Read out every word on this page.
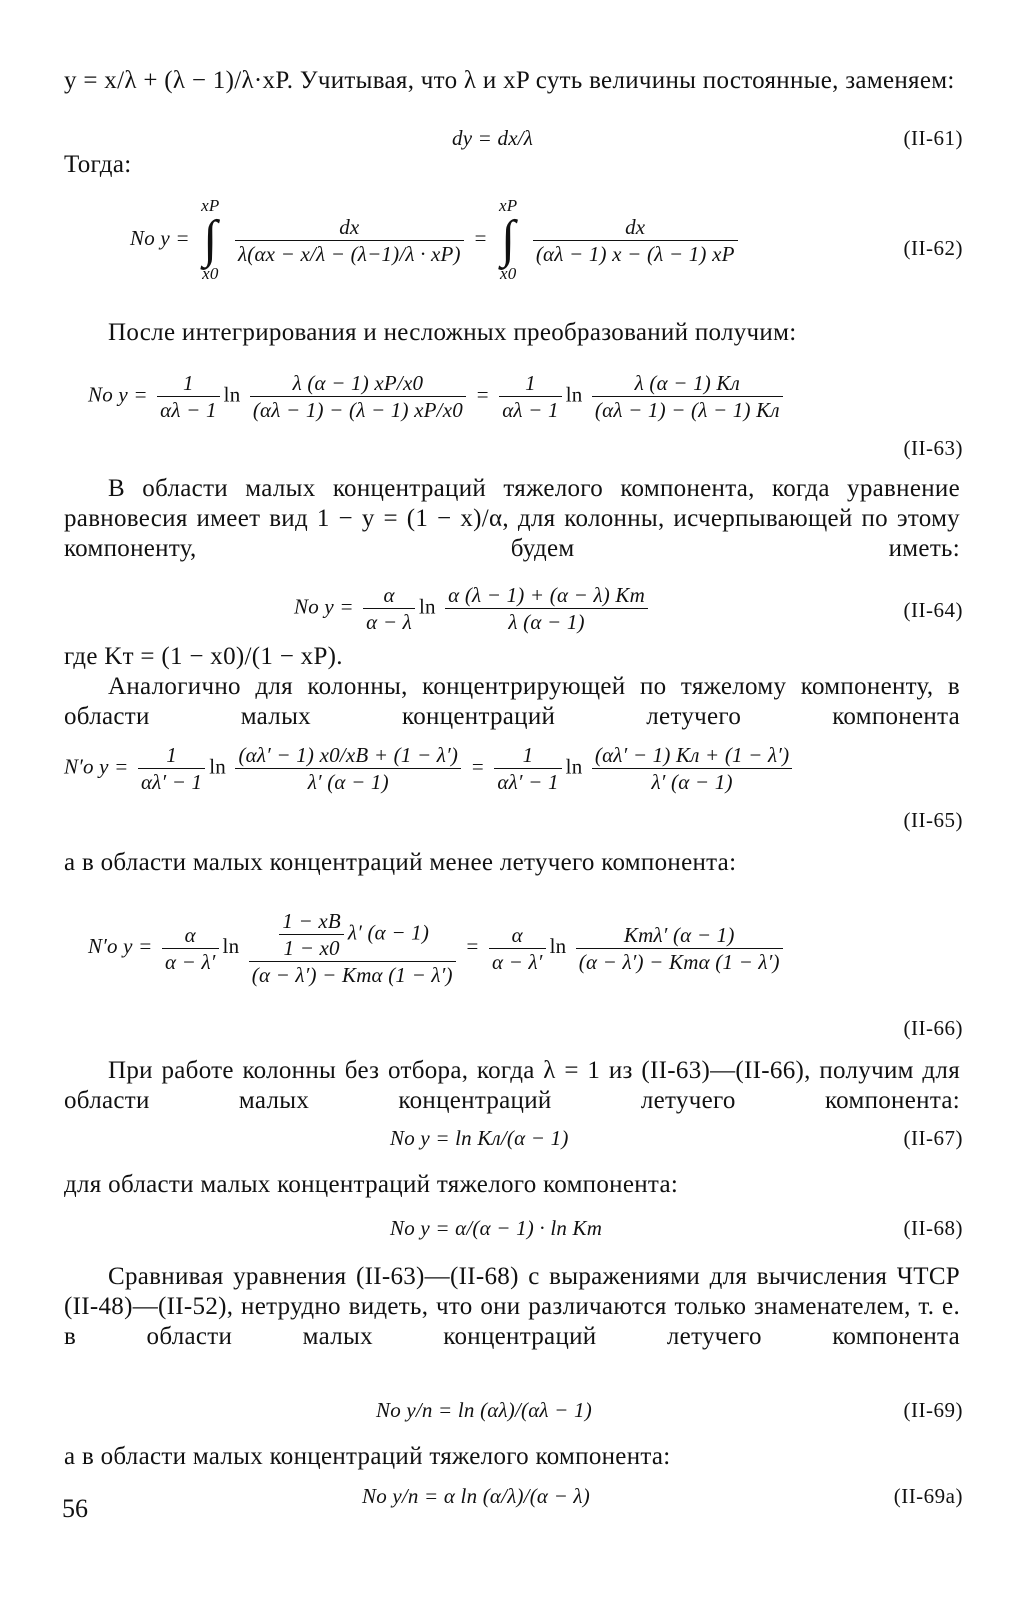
y = x/λ + (λ − 1)/λ·xP. Учитывая, что λ и xP суть величины постоянные, заменяем:
dy = dx/λ	(II-61)
Тогда:
No y =
xP
∫
x0

$\frac{dx}{\lambda(\alpha x - x/\lambda - (\lambda-1)/\lambda \cdot xP)}$ =
xP
∫
x0

$\frac{dx}{(\alpha\lambda - 1) x - (\lambda - 1) xP}$	(II-62)
После интегрирования и несложных преобразований получим:
No $y = \frac{1}{\alpha\lambda - 1}$ $\ln \frac{\lambda (\alpha - 1) xP/x0}{(\alpha\lambda - 1) - (\lambda - 1) xP/x0} = \frac{1}{\alpha\lambda - 1}$ $\ln \frac{\lambda (\alpha - 1) Kл}{(\alpha\lambda - 1) - (\lambda - 1) Kл}$
(II-63)
В области малых концентраций тяжелого компонента, когда уравнение равновесия имеет вид 1 − y = (1 − x)/α, для колонны, исчерпывающей по этому компоненту, будем иметь:
No $y = \frac{\alpha}{\alpha - \lambda}$ $\ln \frac{\alpha (\lambda - 1) + (\alpha - \lambda) Kт}{\lambda (\alpha - 1)}$	(II-64)
где Kт = (1 − x0)/(1 − xP).
Аналогично для колонны, концентрирующей по тяжелому компоненту, в области малых концентраций летучего компонента
N′o $y = \frac{1}{\alpha\lambda' - 1}$ $\ln \frac{(\alpha\lambda' - 1) x0/xB + (1 - \lambda')}{\lambda' (\alpha - 1)} = \frac{1}{\alpha\lambda' - 1}$ $\ln \frac{(\alpha\lambda' - 1) Kл + (1 - \lambda')}{\lambda' (\alpha - 1)}$
(II-65)
а в области малых концентраций менее летучего компонента:
N′o $y = \frac{\alpha}{\alpha - \lambda'}$ $\ln \frac{\frac{1 - xB}{1 - x0} \lambda' (\alpha - 1)}{\text{(α − λ′) − Kтα (1 − λ′)}} = \frac{\alpha}{\alpha - \lambda'}$ $\ln \frac{\text{Kтλ′ (α − 1)}}{\text{(α − λ′) − Kтα (1 − λ′)}}$
(II-66)
При работе колонны без отбора, когда λ = 1 из (II-63)—(II-66), получим для области малых концентраций летучего компонента:
No y = ln Kл/(α − 1)	(II-67)
для области малых концентраций тяжелого компонента:
No y = α/(α − 1) · ln Kт	(II-68)
Сравнивая уравнения (II-63)—(II-68) с выражениями для вычисления ЧТСР (II-48)—(II-52), нетрудно видеть, что они различаются только знаменателем, т. е. в области малых концентраций летучего компонента
No y/n = ln (αλ)/(αλ − 1)	(II-69)
а в области малых концентраций тяжелого компонента:
No y/n = α ln (α/λ)/(α − λ)	(II-69a)
56
